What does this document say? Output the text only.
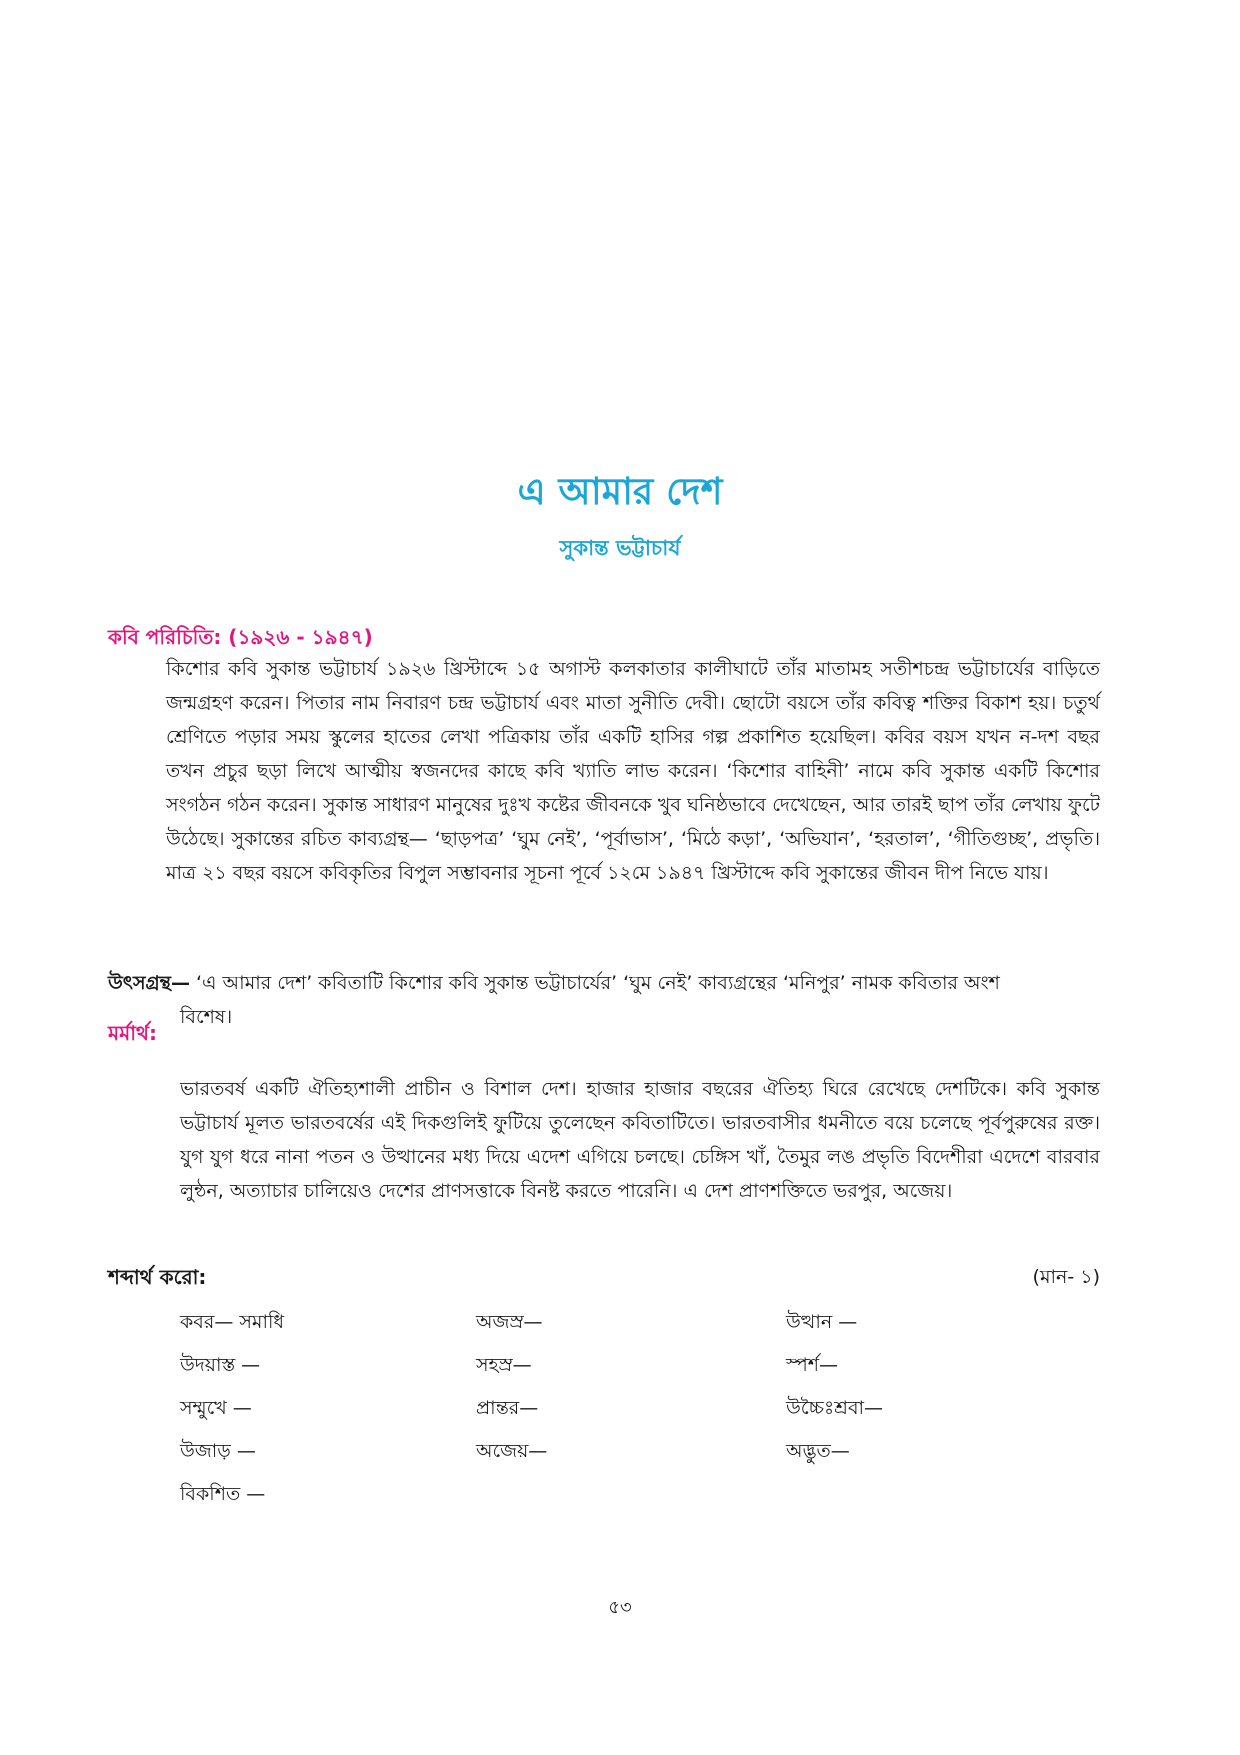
এ আমার দেশ
সুকান্ত ভট্টাচার্য
কবি পরিচিতি: (১৯২৬ - ১৯৪৭)
কিশোর কবি সুকান্ত ভট্টাচার্য ১৯২৬ খ্রিস্টাব্দে ১৫ অগাস্ট কলকাতার কালীঘাটে তাঁর মাতামহ সতীশচন্দ্র ভট্টাচার্যের বাড়িতে জন্মগ্রহণ করেন। পিতার নাম নিবারণ চন্দ্র ভট্টাচার্য এবং মাতা সুনীতি দেবী। ছোটো বয়সে তাঁর কবিত্ব শক্তির বিকাশ হয়। চতুর্থ শ্রেণিতে পড়ার সময় স্কুলের হাতের লেখা পত্রিকায় তাঁর একটি হাসির গল্প প্রকাশিত হয়েছিল। কবির বয়স যখন ন-দশ বছর তখন প্রচুর ছড়া লিখে আত্মীয় স্বজনদের কাছে কবি খ্যাতি লাভ করেন। ‘কিশোর বাহিনী’ নামে কবি সুকান্ত একটি কিশোর সংগঠন গঠন করেন। সুকান্ত সাধারণ মানুষের দুঃখ কষ্টের জীবনকে খুব ঘনিষ্ঠভাবে দেখেছেন, আর তারই ছাপ তাঁর লেখায় ফুটে উঠেছে। সুকান্তের রচিত কাব্যগ্রন্থ— ‘ছাড়পত্র’ ‘ঘুম নেই’, ‘পূর্বাভাস’, ‘মিঠে কড়া’, ‘অভিযান’, ‘হরতাল’, ‘গীতিগুচ্ছ’, প্রভৃতি। মাত্র ২১ বছর বয়সে কবিকৃতির বিপুল সম্ভাবনার সূচনা পূর্বে ১২মে ১৯৪৭ খ্রিস্টাব্দে কবি সুকান্তের জীবন দীপ নিভে যায়।
উৎসগ্রন্থ— ‘এ আমার দেশ’ কবিতাটি কিশোর কবি সুকান্ত ভট্টাচার্যের’ ‘ঘুম নেই’ কাব্যগ্রন্থের ‘মনিপুর’ নামক কবিতার অংশ
বিশেষ।
মর্মার্থ:
ভারতবর্ষ একটি ঐতিহ্যশালী প্রাচীন ও বিশাল দেশ। হাজার হাজার বছরের ঐতিহ্য ঘিরে রেখেছে দেশটিকে। কবি সুকান্ত ভট্টাচার্য মূলত ভারতবর্ষের এই দিকগুলিই ফুটিয়ে তুলেছেন কবিতাটিতে। ভারতবাসীর ধমনীতে বয়ে চলেছে পূর্বপুরুষের রক্ত। যুগ যুগ ধরে নানা পতন ও উত্থানের মধ্য দিয়ে এদেশ এগিয়ে চলছে। চেঙ্গিস খাঁ, তৈমুর লঙ প্রভৃতি বিদেশীরা এদেশে বারবার লুন্ঠন, অত্যাচার চালিয়েও দেশের প্রাণসত্তাকে বিনষ্ট করতে পারেনি। এ দেশ প্রাণশক্তিতে ভরপুর, অজেয়।
শব্দার্থ করো:	(মান- ১)
কবর— সমাধি	অজস্র—	উত্থান —
উদয়াস্ত —	সহস্র—	স্পর্শ—
সম্মুখে —	প্রান্তর—	উচ্চৈঃশ্রবা—
উজাড় —	অজেয়—	অদ্ভুত—
বিকশিত —
৫৩
